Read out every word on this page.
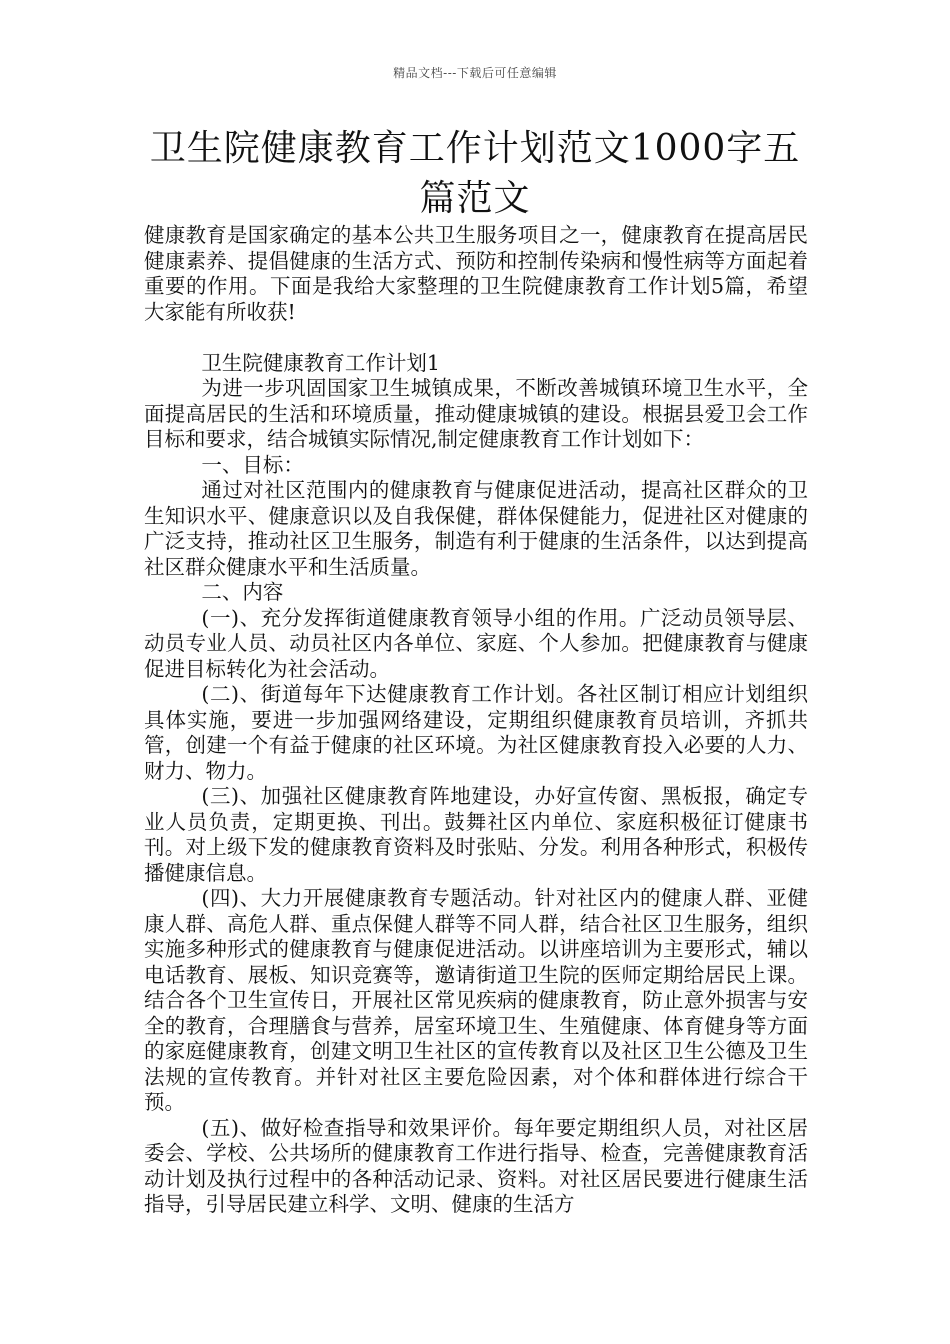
精品文档---下载后可任意编辑
卫生院健康教育工作计划范文1000字五篇范文

健康教育是国家确定的基本公共卫生服务项目之一，健康教育在提高居民健康素养、提倡健康的生活方式、预防和控制传染病和慢性病等方面起着重要的作用。下面是我给大家整理的卫生院健康教育工作计划5篇，希望大家能有所收获!

卫生院健康教育工作计划1

为进一步巩固国家卫生城镇成果，不断改善城镇环境卫生水平，全面提高居民的生活和环境质量，推动健康城镇的建设。根据县爱卫会工作目标和要求，结合城镇实际情况,制定健康教育工作计划如下：

一、目标：

通过对社区范围内的健康教育与健康促进活动，提高社区群众的卫生知识水平、健康意识以及自我保健，群体保健能力，促进社区对健康的广泛支持，推动社区卫生服务，制造有利于健康的生活条件，以达到提高社区群众健康水平和生活质量。

二、内容

(一)、充分发挥街道健康教育领导小组的作用。广泛动员领导层、动员专业人员、动员社区内各单位、家庭、个人参加。把健康教育与健康促进目标转化为社会活动。

(二)、街道每年下达健康教育工作计划。各社区制订相应计划组织具体实施，要进一步加强网络建设，定期组织健康教育员培训，齐抓共管，创建一个有益于健康的社区环境。为社区健康教育投入必要的人力、财力、物力。

(三)、加强社区健康教育阵地建设，办好宣传窗、黑板报，确定专业人员负责，定期更换、刊出。鼓舞社区内单位、家庭积极征订健康书刊。对上级下发的健康教育资料及时张贴、分发。利用各种形式，积极传播健康信息。

(四)、大力开展健康教育专题活动。针对社区内的健康人群、亚健康人群、高危人群、重点保健人群等不同人群，结合社区卫生服务，组织实施多种形式的健康教育与健康促进活动。以讲座培训为主要形式，辅以电话教育、展板、知识竞赛等，邀请街道卫生院的医师定期给居民上课。结合各个卫生宣传日，开展社区常见疾病的健康教育，防止意外损害与安全的教育，合理膳食与营养，居室环境卫生、生殖健康、体育健身等方面的家庭健康教育，创建文明卫生社区的宣传教育以及社区卫生公德及卫生法规的宣传教育。并针对社区主要危险因素，对个体和群体进行综合干预。

(五)、做好检查指导和效果评价。每年要定期组织人员，对社区居委会、学校、公共场所的健康教育工作进行指导、检查，完善健康教育活动计划及执行过程中的各种活动记录、资料。对社区居民要进行健康生活指导，引导居民建立科学、文明、健康的生活方
